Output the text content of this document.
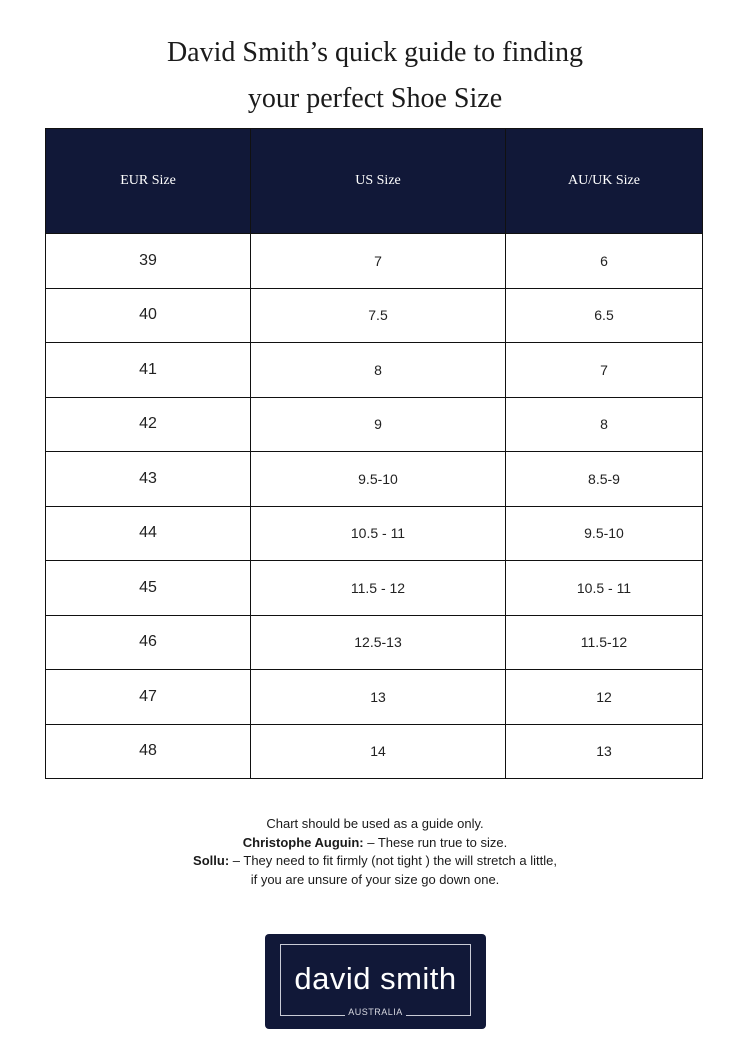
David Smith’s quick guide to finding
your perfect Shoe Size
EUR Size	US Size	AU/UK Size
39	7	6
40	7.5	6.5
41	8	7
42	9	8
43	9.5-10	8.5-9
44	10.5 - 11	9.5-10
45	11.5 - 12	10.5 - 11
46	12.5-13	11.5-12
47	13	12
48	14	13
Chart should be used as a guide only.
Christophe Auguin: – These run true to size.
Sollu: – They need to fit firmly (not tight ) the will stretch a little,
if you are unsure of your size go down one.
david smith
AUSTRALIA
